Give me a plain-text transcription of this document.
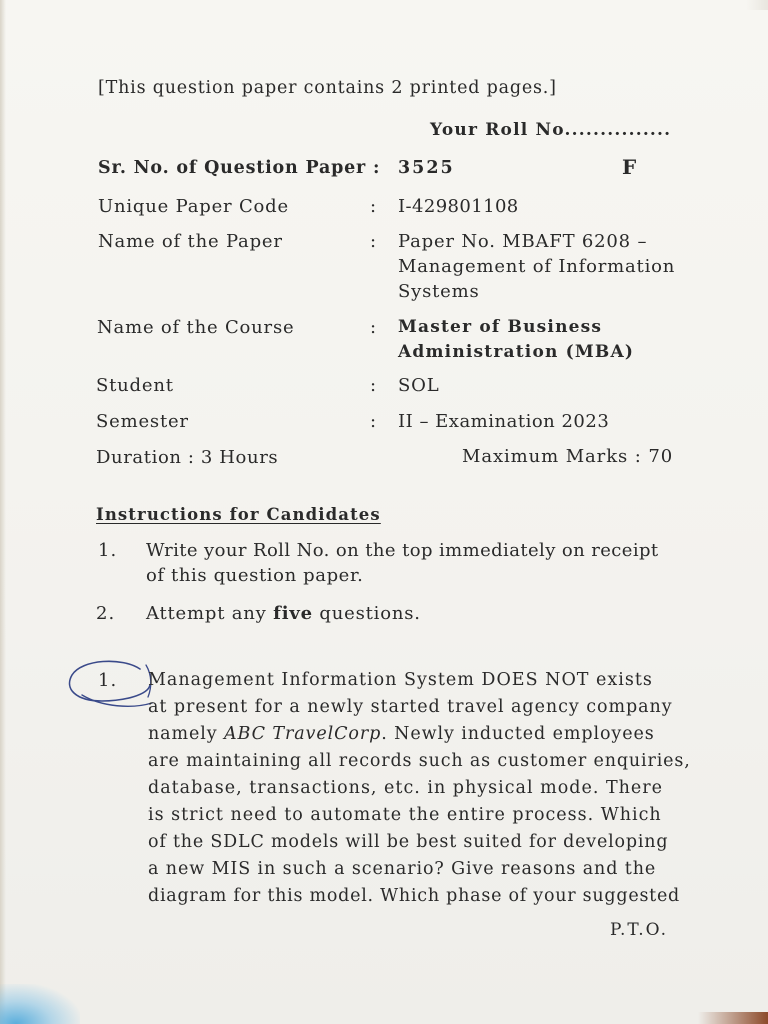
[This question paper contains 2 printed pages.]
Your Roll No...............
Sr. No. of Question Paper : 3525	F
Unique Paper Code	: I-429801108
Name of the Paper	: Paper No. MBAFT 6208 –
Management of Information
Systems
Name of the Course	: Master of Business
Administration (MBA)
Student	: SOL
Semester	: II – Examination 2023
Duration : 3 Hours	Maximum Marks : 70
Instructions for Candidates
1. Write your Roll No. on the top immediately on receipt
of this question paper.
2. Attempt any five questions.
1. Management Information System DOES NOT exists
at present for a newly started travel agency company
namely ABC TravelCorp. Newly inducted employees
are maintaining all records such as customer enquiries,
database, transactions, etc. in physical mode. There
is strict need to automate the entire process. Which
of the SDLC models will be best suited for developing
a new MIS in such a scenario? Give reasons and the
diagram for this model. Which phase of your suggested
P.T.O.
